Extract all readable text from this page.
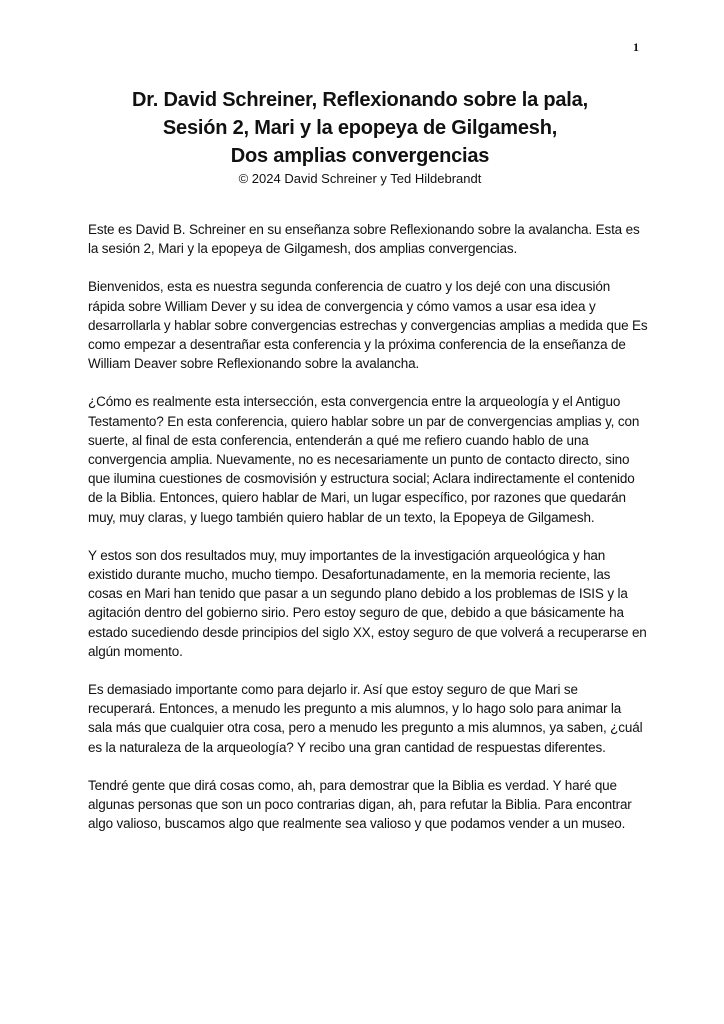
1
Dr. David Schreiner, Reflexionando sobre la pala,
Sesión 2, Mari y la epopeya de Gilgamesh,
Dos amplias convergencias
© 2024 David Schreiner y Ted Hildebrandt

Este es David B. Schreiner en su enseñanza sobre Reflexionando sobre la avalancha. Esta es la sesión 2, Mari y la epopeya de Gilgamesh, dos amplias convergencias.

Bienvenidos, esta es nuestra segunda conferencia de cuatro y los dejé con una discusión rápida sobre William Dever y su idea de convergencia y cómo vamos a usar esa idea y desarrollarla y hablar sobre convergencias estrechas y convergencias amplias a medida que Es como empezar a desentrañar esta conferencia y la próxima conferencia de la enseñanza de William Deaver sobre Reflexionando sobre la avalancha.

¿Cómo es realmente esta intersección, esta convergencia entre la arqueología y el Antiguo Testamento? En esta conferencia, quiero hablar sobre un par de convergencias amplias y, con suerte, al final de esta conferencia, entenderán a qué me refiero cuando hablo de una convergencia amplia. Nuevamente, no es necesariamente un punto de contacto directo, sino que ilumina cuestiones de cosmovisión y estructura social; Aclara indirectamente el contenido de la Biblia. Entonces, quiero hablar de Mari, un lugar específico, por razones que quedarán muy, muy claras, y luego también quiero hablar de un texto, la Epopeya de Gilgamesh.

Y estos son dos resultados muy, muy importantes de la investigación arqueológica y han existido durante mucho, mucho tiempo. Desafortunadamente, en la memoria reciente, las cosas en Mari han tenido que pasar a un segundo plano debido a los problemas de ISIS y la agitación dentro del gobierno sirio. Pero estoy seguro de que, debido a que básicamente ha estado sucediendo desde principios del siglo XX, estoy seguro de que volverá a recuperarse en algún momento.

Es demasiado importante como para dejarlo ir. Así que estoy seguro de que Mari se recuperará. Entonces, a menudo les pregunto a mis alumnos, y lo hago solo para animar la sala más que cualquier otra cosa, pero a menudo les pregunto a mis alumnos, ya saben, ¿cuál es la naturaleza de la arqueología? Y recibo una gran cantidad de respuestas diferentes.

Tendré gente que dirá cosas como, ah, para demostrar que la Biblia es verdad. Y haré que algunas personas que son un poco contrarias digan, ah, para refutar la Biblia. Para encontrar algo valioso, buscamos algo que realmente sea valioso y que podamos vender a un museo.
